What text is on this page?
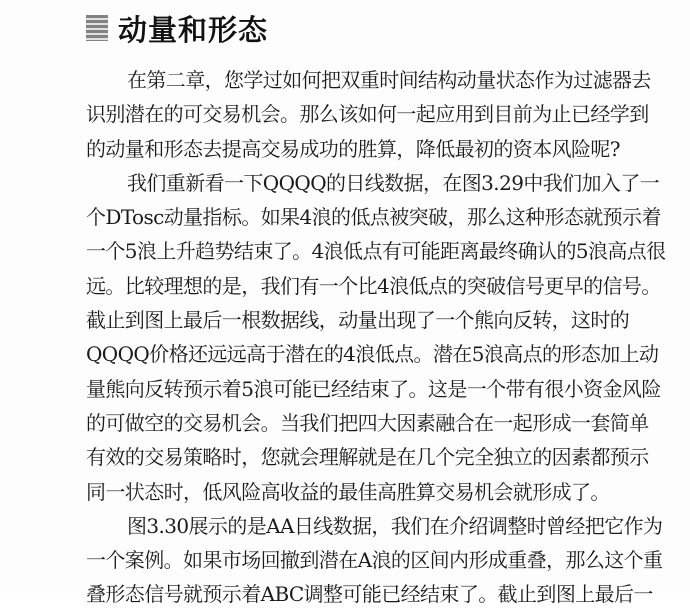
动量和形态
在第二章，您学过如何把双重时间结构动量状态作为过滤器去
识别潜在的可交易机会。那么该如何一起应用到目前为止已经学到
的动量和形态去提高交易成功的胜算，降低最初的资本风险呢?
我们重新看一下QQQQ的日线数据，在图3.29中我们加入了一
个DTosc动量指标。如果4浪的低点被突破，那么这种形态就预示着
一个5浪上升趋势结束了。4浪低点有可能距离最终确认的5浪高点很
远。比较理想的是，我们有一个比4浪低点的突破信号更早的信号。
截止到图上最后一根数据线，动量出现了一个熊向反转，这时的
QQQQ价格还远远高于潜在的4浪低点。潜在5浪高点的形态加上动
量熊向反转预示着5浪可能已经结束了。这是一个带有很小资金风险
的可做空的交易机会。当我们把四大因素融合在一起形成一套简单
有效的交易策略时，您就会理解就是在几个完全独立的因素都预示
同一状态时，低风险高收益的最佳高胜算交易机会就形成了。
图3.30展示的是AA日线数据，我们在介绍调整时曾经把它作为
一个案例。如果市场回撤到潜在A浪的区间内形成重叠，那么这个重
叠形态信号就预示着ABC调整可能已经结束了。截止到图上最后一
